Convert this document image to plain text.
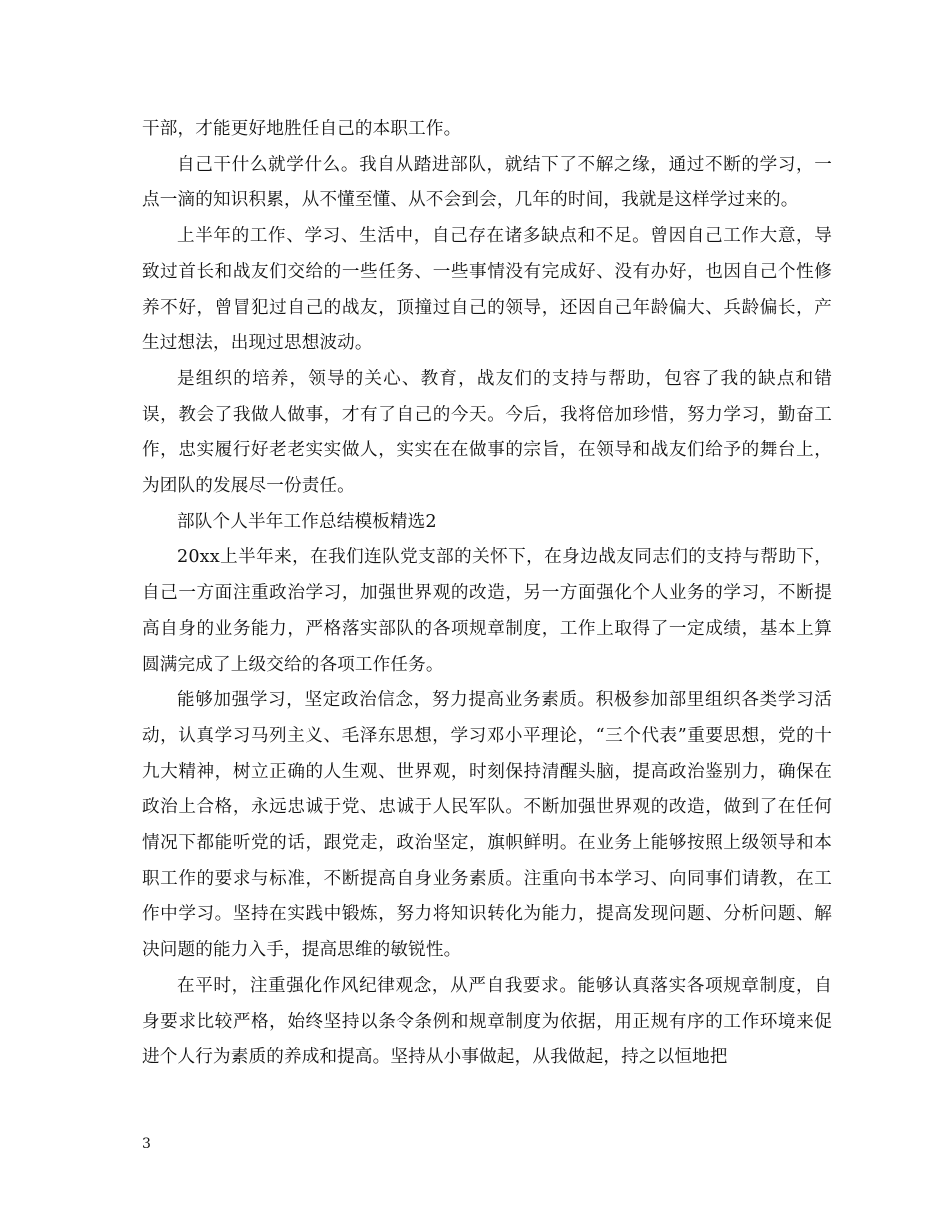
干部，才能更好地胜任自己的本职工作。

自己干什么就学什么。我自从踏进部队，就结下了不解之缘，通过不断的学习，一点一滴的知识积累，从不懂至懂、从不会到会，几年的时间，我就是这样学过来的。

上半年的工作、学习、生活中，自己存在诸多缺点和不足。曾因自己工作大意，导致过首长和战友们交给的一些任务、一些事情没有完成好、没有办好，也因自己个性修养不好，曾冒犯过自己的战友，顶撞过自己的领导，还因自己年龄偏大、兵龄偏长，产生过想法，出现过思想波动。

是组织的培养，领导的关心、教育，战友们的支持与帮助，包容了我的缺点和错误，教会了我做人做事，才有了自己的今天。今后，我将倍加珍惜，努力学习，勤奋工作，忠实履行好老老实实做人，实实在在做事的宗旨，在领导和战友们给予的舞台上，为团队的发展尽一份责任。

部队个人半年工作总结模板精选2

20xx上半年来，在我们连队党支部的关怀下，在身边战友同志们的支持与帮助下，自己一方面注重政治学习，加强世界观的改造，另一方面强化个人业务的学习，不断提高自身的业务能力，严格落实部队的各项规章制度，工作上取得了一定成绩，基本上算圆满完成了上级交给的各项工作任务。

能够加强学习，坚定政治信念，努力提高业务素质。积极参加部里组织各类学习活动，认真学习马列主义、毛泽东思想，学习邓小平理论，“三个代表”重要思想，党的十九大精神，树立正确的人生观、世界观，时刻保持清醒头脑，提高政治鉴别力，确保在政治上合格，永远忠诚于党、忠诚于人民军队。不断加强世界观的改造，做到了在任何情况下都能听党的话，跟党走，政治坚定，旗帜鲜明。在业务上能够按照上级领导和本职工作的要求与标准，不断提高自身业务素质。注重向书本学习、向同事们请教，在工作中学习。坚持在实践中锻炼，努力将知识转化为能力，提高发现问题、分析问题、解决问题的能力入手，提高思维的敏锐性。

在平时，注重强化作风纪律观念，从严自我要求。能够认真落实各项规章制度，自身要求比较严格，始终坚持以条令条例和规章制度为依据，用正规有序的工作环境来促进个人行为素质的养成和提高。坚持从小事做起，从我做起，持之以恒地把

3
